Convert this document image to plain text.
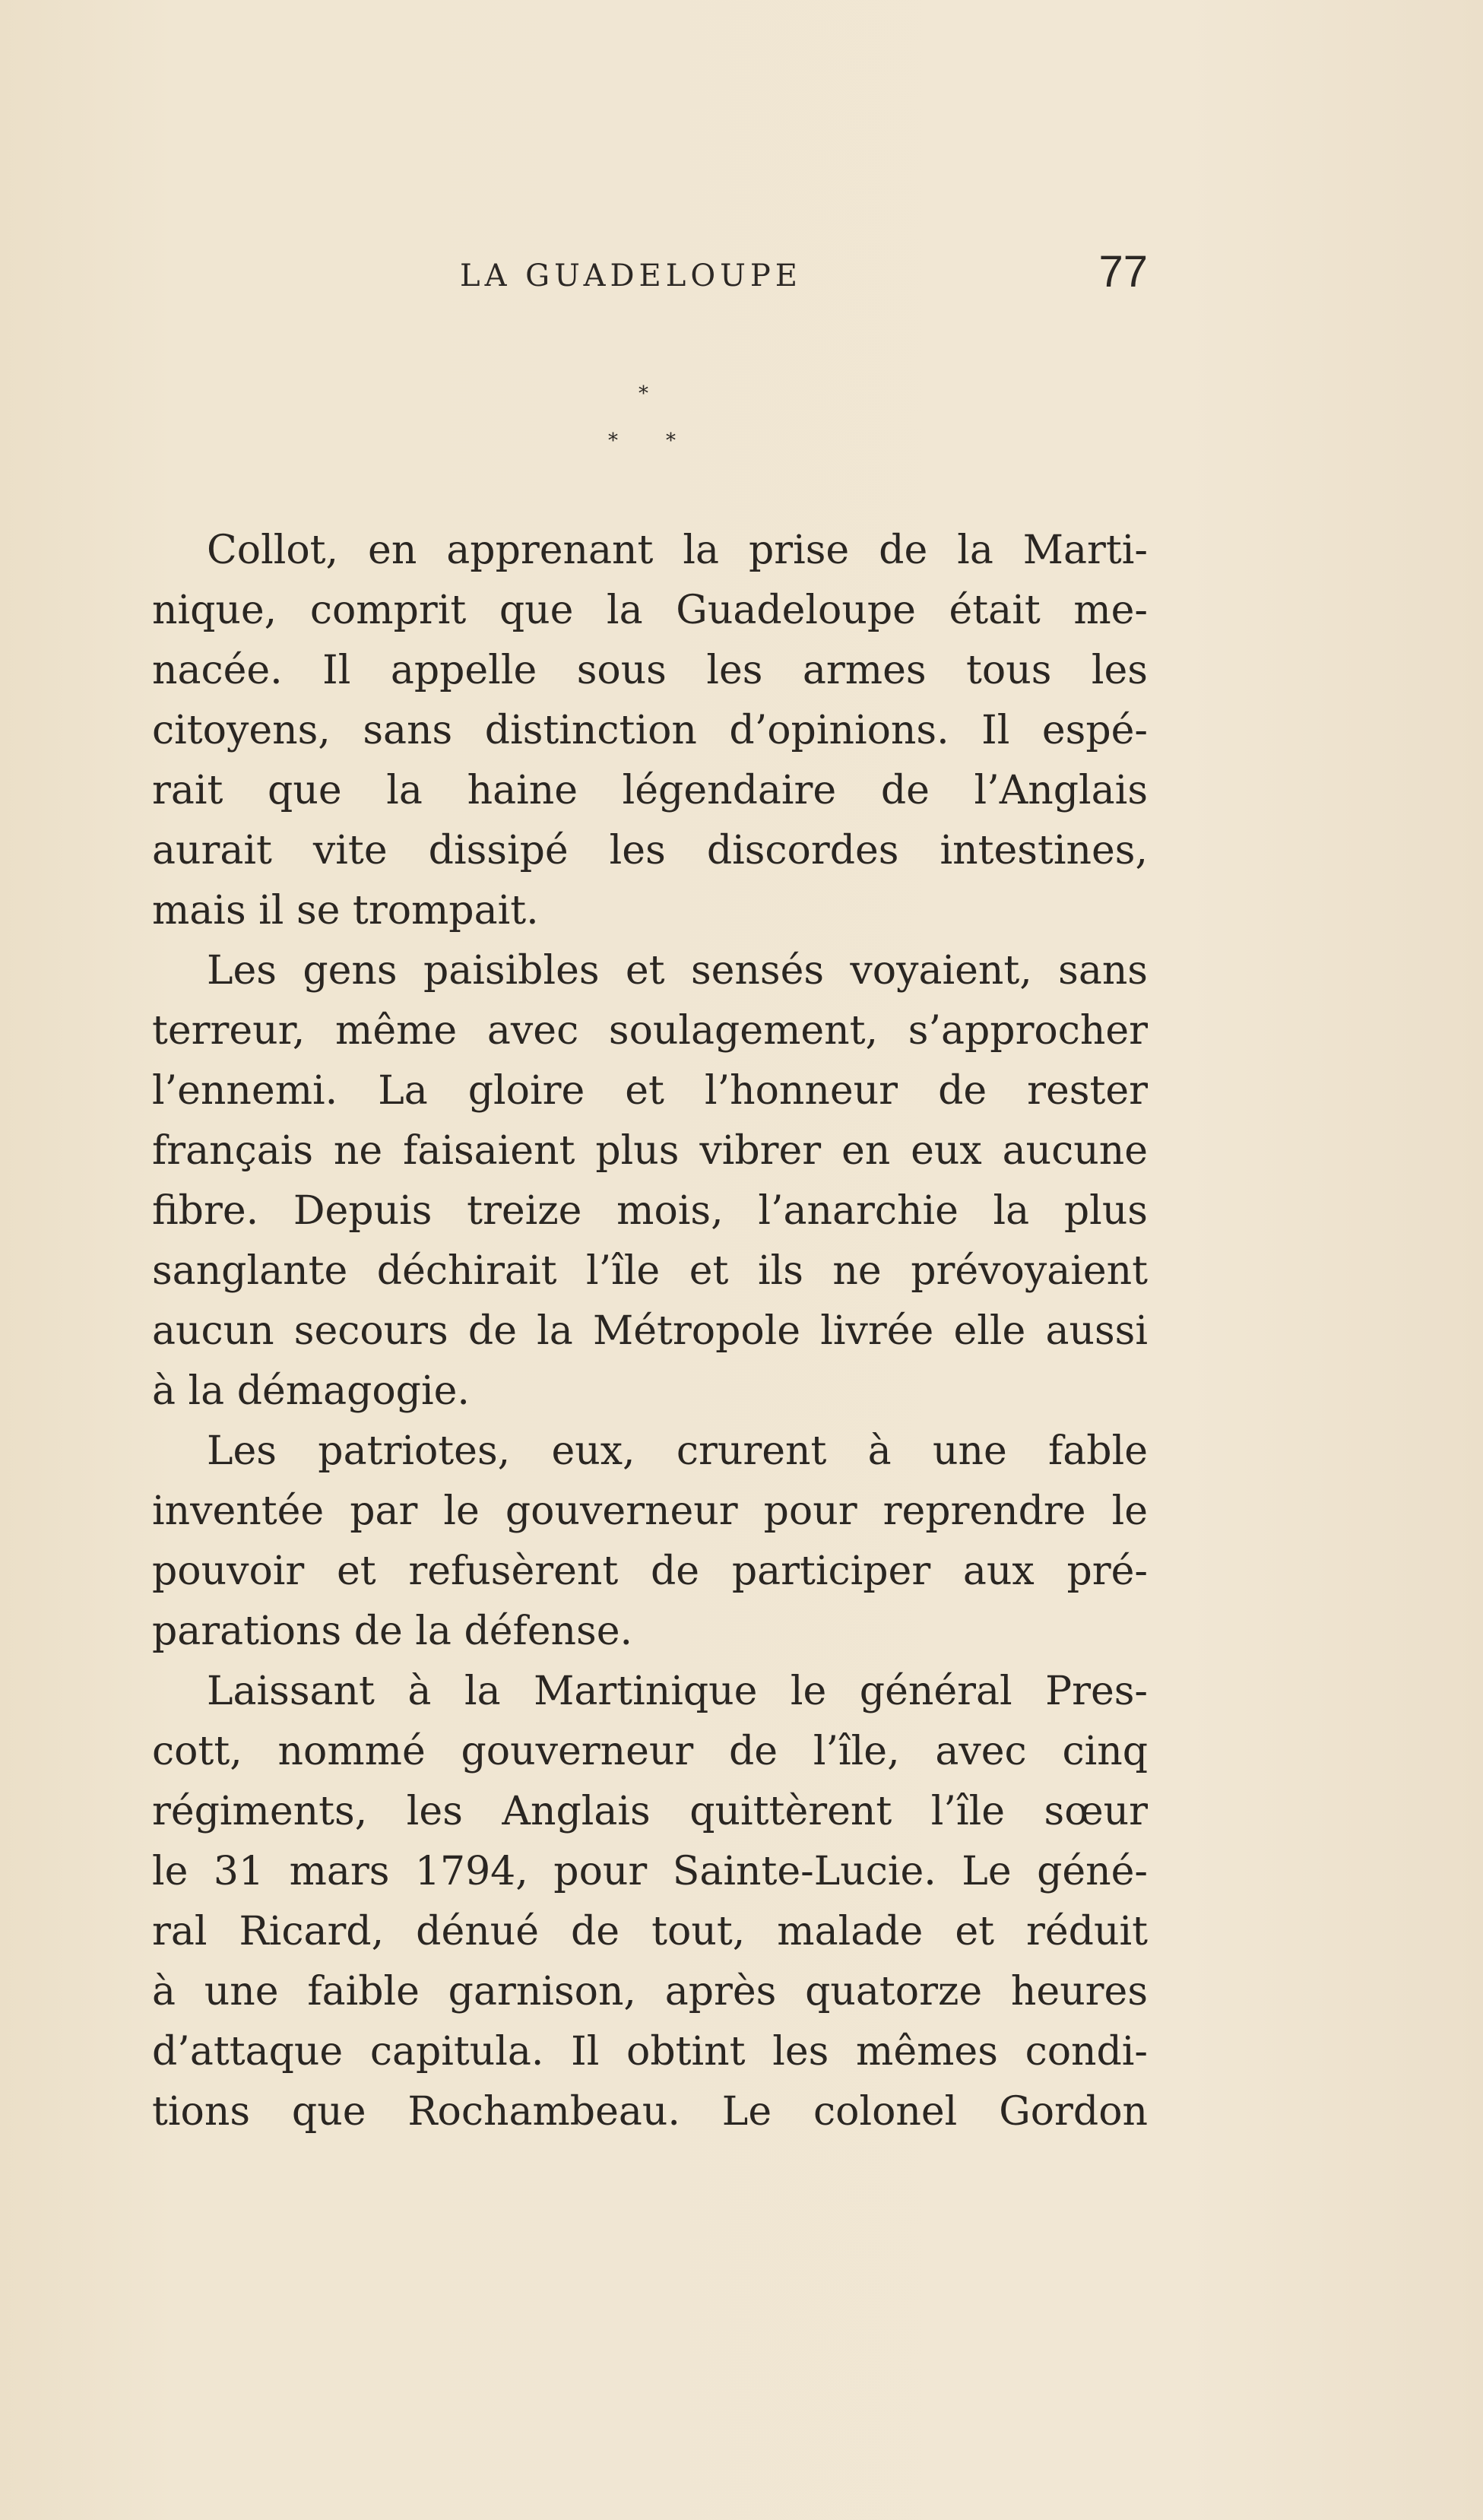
LA GUADELOUPE	77
*
* *
Collot, en apprenant la prise de la Marti-
nique, comprit que la Guadeloupe était me-
nacée. Il appelle sous les armes tous les
citoyens, sans distinction d’opinions. Il espé-
rait que la haine légendaire de l’Anglais
aurait vite dissipé les discordes intestines,
mais il se trompait.
Les gens paisibles et sensés voyaient, sans
terreur, même avec soulagement, s’approcher
l’ennemi. La gloire et l’honneur de rester
français ne faisaient plus vibrer en eux aucune
fibre. Depuis treize mois, l’anarchie la plus
sanglante déchirait l’île et ils ne prévoyaient
aucun secours de la Métropole livrée elle aussi
à la démagogie.
Les patriotes, eux, crurent à une fable
inventée par le gouverneur pour reprendre le
pouvoir et refusèrent de participer aux pré-
parations de la défense.
Laissant à la Martinique le général Pres-
cott, nommé gouverneur de l’île, avec cinq
régiments, les Anglais quittèrent l’île sœur
le 31 mars 1794, pour Sainte-Lucie. Le géné-
ral Ricard, dénué de tout, malade et réduit
à une faible garnison, après quatorze heures
d’attaque capitula. Il obtint les mêmes condi-
tions que Rochambeau. Le colonel Gordon
